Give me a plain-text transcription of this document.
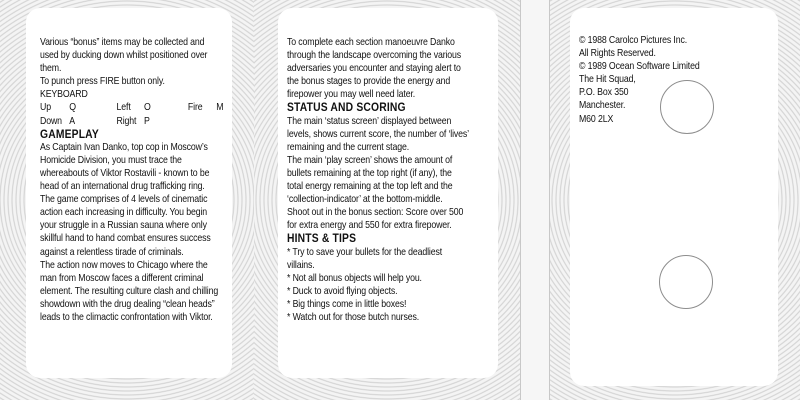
Various “bonus” items may be collected and
used by ducking down whilst positioned over
them.
To punch press FIRE button only.
KEYBOARD
Up Q	Left O	Fire M
Down A	Right P
GAMEPLAY
As Captain Ivan Danko, top cop in Moscow’s
Homicide Division, you must trace the
whereabouts of Viktor Rostavili - known to be
head of an international drug trafficking ring.
The game comprises of 4 levels of cinematic
action each increasing in difficulty. You begin
your struggle in a Russian sauna where only
skillful hand to hand combat ensures success
against a relentless tirade of criminals.
The action now moves to Chicago where the
man from Moscow faces a different criminal
element. The resulting culture clash and chilling
showdown with the drug dealing “clean heads”
leads to the climactic confrontation with Viktor.
To complete each section manoeuvre Danko
through the landscape overcoming the various
adversaries you encounter and staying alert to
the bonus stages to provide the energy and
firepower you may well need later.
STATUS AND SCORING
The main ‘status screen’ displayed between
levels, shows current score, the number of ‘lives’
remaining and the current stage.
The main ‘play screen’ shows the amount of
bullets remaining at the top right (if any), the
total energy remaining at the top left and the
‘collection-indicator’ at the bottom-middle.
Shoot out in the bonus section: Score over 500
for extra energy and 550 for extra firepower.
HINTS & TIPS
* Try to save your bullets for the deadliest
villains.
* Not all bonus objects will help you.
* Duck to avoid flying objects.
* Big things come in little boxes!
* Watch out for those butch nurses.
© 1988 Carolco Pictures Inc.
All Rights Reserved.
© 1989 Ocean Software Limited
The Hit Squad,
P.O. Box 350
Manchester.
M60 2LX
